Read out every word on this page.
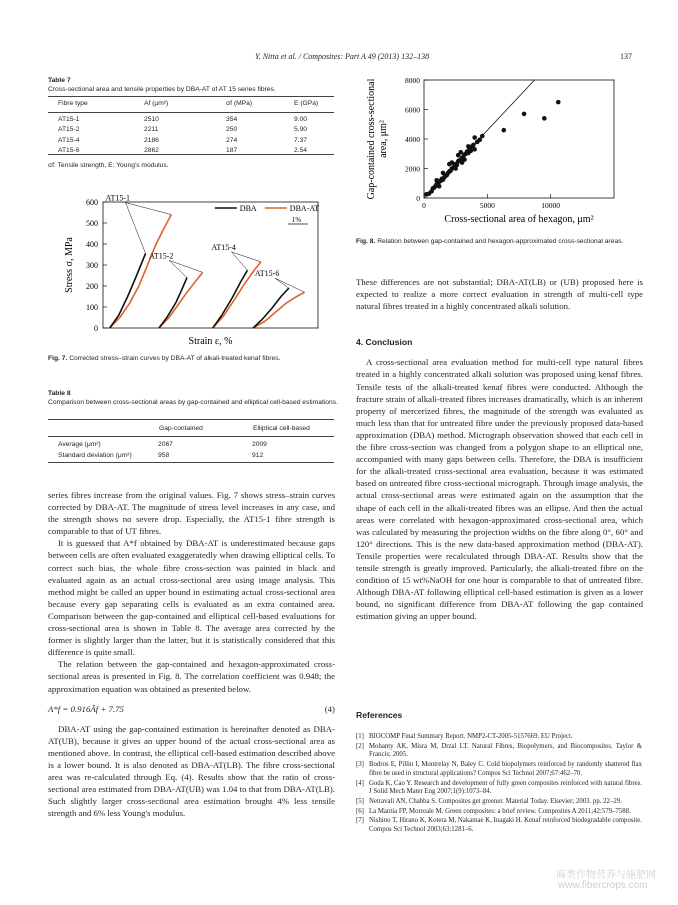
Y. Nitta et al. / Composites: Part A 49 (2013) 132–138	137
Table 7
Cross-sectional area and tensile properties by DBA-AT of AT 15 series fibres.
Fibre type	Af (μm²)	σf (MPa)	E (GPa)
AT15-1	2510	354	9.00
AT15-2	2211	250	5.90
AT15-4	2186	274	7.37
AT15-6	2862	187	2.54
σf: Tensile strength, E: Young's modulus.
0
100
200
300
400
500
600
Stress σ, MPa
Strain ε, %
DBA	DBA-AT
1%
AT15-1
AT15-2
AT15-4
AT15-6
Fig. 7. Corrected stress–strain curves by DBA-AT of alkali-treated kenaf fibres.
Table 8
Comparison between cross-sectional areas by gap-contained and elliptical cell-based estimations.
	Gap-contained	Elliptical cell-based
Average (μm²)	2067	2009
Standard deviation (μm²)	958	912

series fibres increase from the original values. Fig. 7 shows stress–strain curves corrected by DBA-AT. The magnitude of stress level increases in any case, and the strength shows no severe drop. Especially, the AT15-1 fibre strength is comparable to that of UT fibres.

It is guessed that A*f obtained by DBA-AT is underestimated because gaps between cells are often evaluated exaggeratedly when drawing elliptical cells. To correct such bias, the whole fibre cross-section was painted in black and evaluated again as an actual cross-sectional area using image analysis. This method might be called an upper bound in estimating actual cross-sectional area because every gap separating cells is evaluated as an extra contained area. Comparison between the gap-contained and elliptical cell-based evaluations for cross-sectional area is shown in Table 8. The average area corrected by the former is slightly larger than the latter, but it is statistically considered that this difference is quite small.

The relation between the gap-contained and hexagon-approximated cross-sectional areas is presented in Fig. 8. The correlation coefficient was 0.948; the approximation equation was obtained as presented below.

A*f = 0.916Âf + 7.75	(4)

DBA-AT using the gap-contained estimation is hereinafter denoted as DBA-AT(UB), because it gives an upper bound of the actual cross-sectional area as mentioned above. In contrast, the elliptical cell-based estimation described above is a lower bound. It is also denoted as DBA-AT(LB). The fibre cross-sectional area was re-calculated through Eq. (4). Results show that the ratio of cross-sectional area estimated from DBA-AT(UB) was 1.04 to that from DBA-AT(LB). Such slightly larger cross-sectional area estimation brought 4% less tensile strength and 6% less Young's modulus.

0
2000
4000
6000
8000
0	5000	10000
Gap-contained cross-sectional area, μm²
Cross-sectional area of hexagon, μm²
Fig. 8. Relation between gap-contained and hexagon-approximated cross-sectional areas.

These differences are not substantial; DBA-AT(LB) or (UB) proposed here is expected to realize a more correct evaluation in strength of multi-cell type natural fibres treated in a highly concentrated alkali solution.

4. Conclusion

A cross-sectional area evaluation method for multi-cell type natural fibres treated in a highly concentrated alkali solution was proposed using kenaf fibres. Tensile tests of the alkali-treated kenaf fibres were conducted. Although the fracture strain of alkali-treated fibres increases dramatically, which is an inherent property of mercerized fibres, the magnitude of the strength was evaluated as much less than that for untreated fibre under the previously proposed data-based approximation (DBA) method. Micrograph observation showed that each cell in the fibre cross-section was changed from a polygon shape to an elliptical one, accompanied with many gaps between cells. Therefore, the DBA is insufficient for the alkali-treated cross-sectional area evaluation, because it was estimated based on untreated fibre cross-sectional micrograph. Through image analysis, the actual cross-sectional areas were estimated again on the assumption that the shape of each cell in the alkali-treated fibres was an ellipse. And then the actual areas were correlated with hexagon-approximated cross-sectional area, which was calculated by measuring the projection widths on the fibre along 0°, 60° and 120° directions. This is the new data-based approximation method (DBA-AT). Tensile properties were recalculated through DBA-AT. Results show that the tensile strength is greatly improved. Particularly, the alkali-treated fibre on the condition of 15 wt%NaOH for one hour is comparable to that of untreated fibre. Although DBA-AT following elliptical cell-based estimation is given as a lower bound, no significant difference from DBA-AT following the gap contained estimation giving an upper bound.

References
[1] BIOCOMP Final Summary Report. NMP2-CT-2005-5157669. EU Project.
[2] Mohanty AK, Misra M, Drzal LT. Natural Fibres, Biopolymers, and Biocomposites. Taylor & Francis; 2005.
[3] Bodros E, Pillin I, Montrelay N, Baley C. Cold biopolymers reinforced by randomly shattered flax fibre be used in structural applications? Compos Sci Technol 2007;67:462–70.
[4] Goda K, Cao Y. Research and development of fully green composites reinforced with natural fibres. J Solid Mech Mater Eng 2007;1(9):1073–84.
[5] Netravali AN, Chabba S. Composites get greener. Material Today. Elsevier; 2003. pp. 22–29.
[6] La Mantia FP, Morreale M. Green composites: a brief review. Composites A 2011;42:579–7588.
[7] Nishino T, Hirano K, Kotera M, Nakamae K, Inagaki H. Kenaf reinforced biodegradable composite. Compos Sci Technol 2003;63:1281–6.
麻类作物营养与施肥网
www.fibercrops.com
